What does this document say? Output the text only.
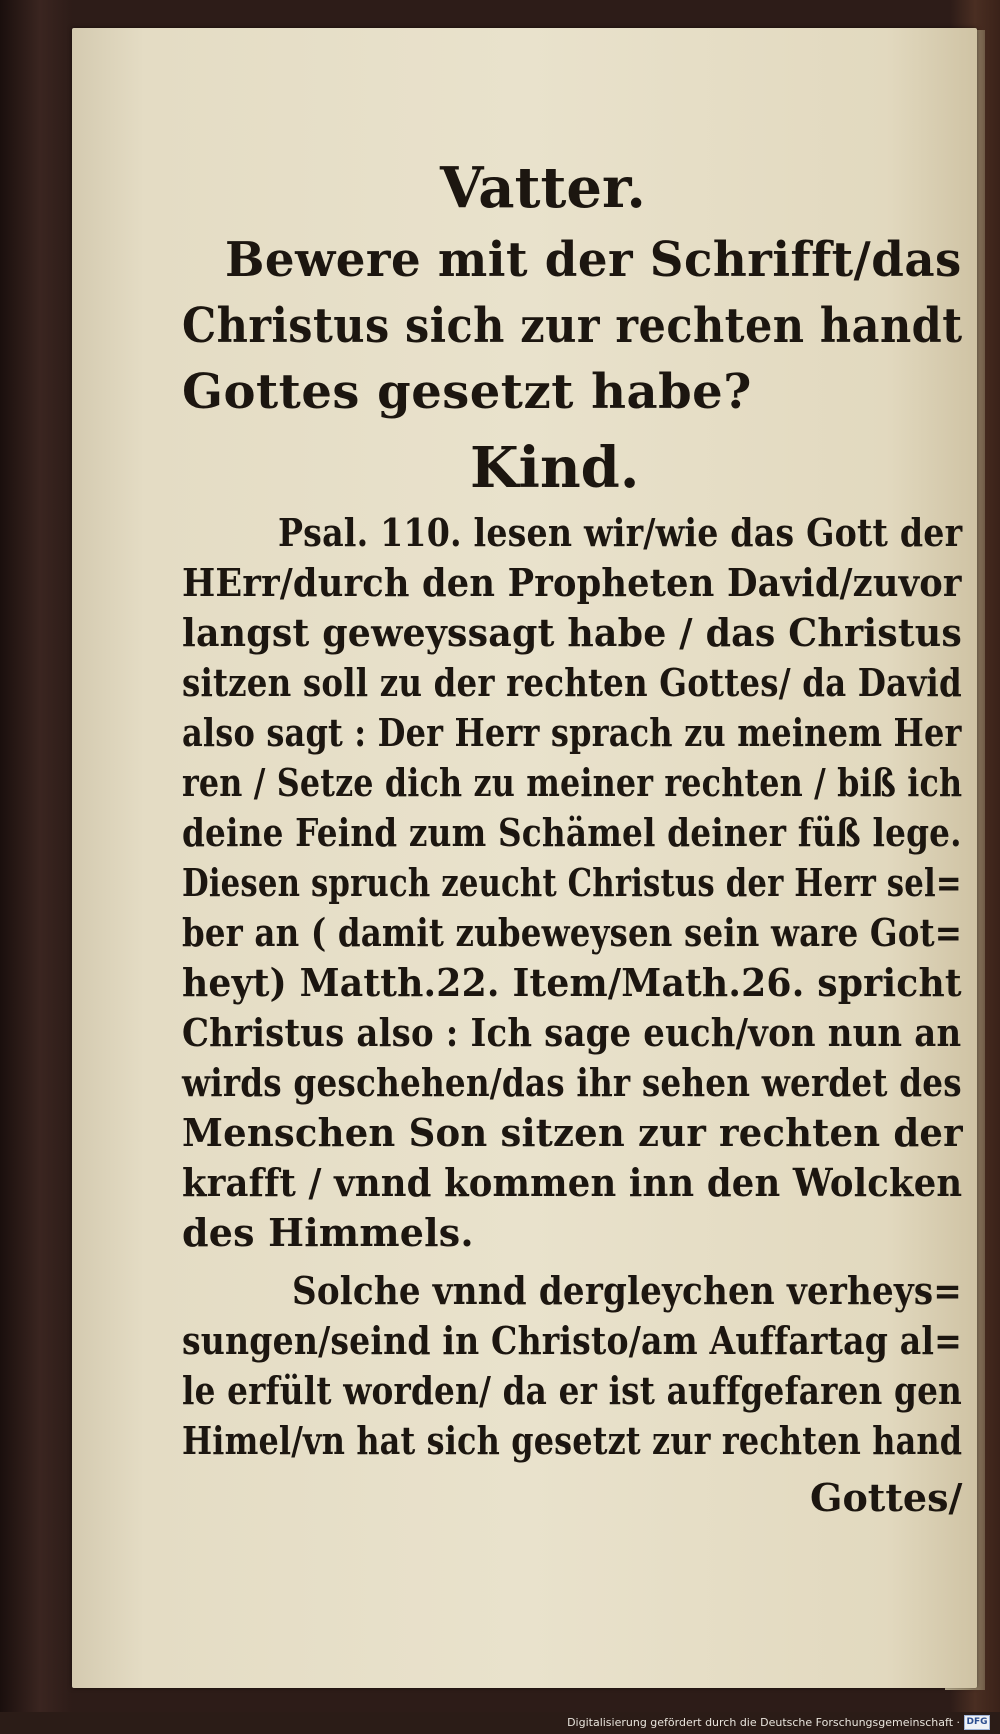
Vatter.
Bewere mit der Schrifft/das
Christus sich zur rechten handt
Gottes gesetzt habe?
Kind.
Psal. 110. lesen wir/wie das Gott der
HErr/durch den Propheten David/zuvor
langst geweyssagt habe / das Christus
sitzen soll zu der rechten Gottes/ da David
also sagt : Der Herr sprach zu meinem Her
ren / Setze dich zu meiner rechten / biß ich
deine Feind zum Schämel deiner füß lege.
Diesen spruch zeucht Christus der Herr sel=
ber an ( damit zubeweysen sein ware Got=
heyt) Matth.22. Item/Math.26. spricht
Christus also : Ich sage euch/von nun an
wirds geschehen/das ihr sehen werdet des
Menschen Son sitzen zur rechten der
krafft / vnnd kommen inn den Wolcken
des Himmels.
Solche vnnd dergleychen verheys=
sungen/seind in Christo/am Auffartag al=
le erfült worden/ da er ist auffgefaren gen
Himel/vn hat sich gesetzt zur rechten hand
Gottes/
Digitalisierung gefördert durch die Deutsche Forschungsgemeinschaft · DFG
